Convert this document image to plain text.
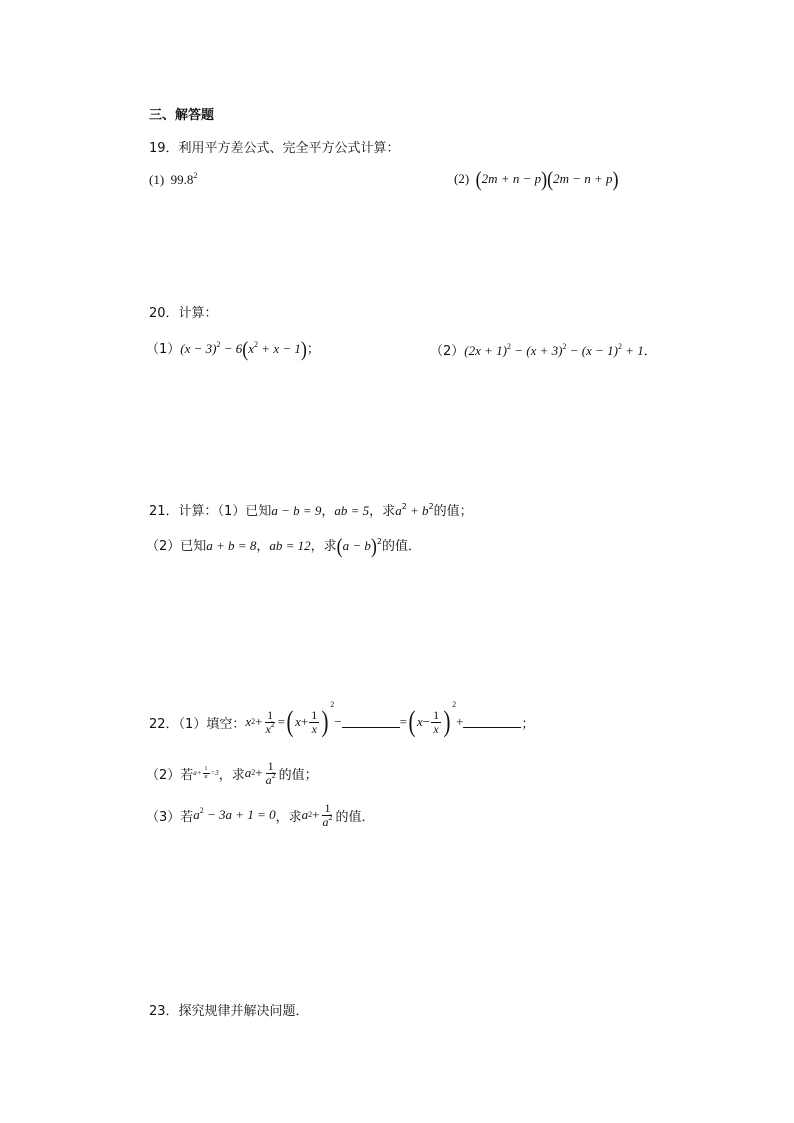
三、解答题
19．利用平方差公式、完全平方公式计算：
(1) 99.8$^2$	(2) (2m + n − p)(2m − n + p)
20．计算：
$(1)(x - 3)^2 - 6(x^2 + x - 1)$；	$(2)(2x + 1)^2 - (x + 3)^2 - (x - 1)^2 + 1$．
21．计算：（1）已知a − b = 9，ab = 5，求$a^2 + b^2$的值；
（2）已知a + b = 8，ab = 12，求$(a - b)^2$的值．
22．（1）填空： x $2 + \frac{1}{x^2}$ = ( $x + \frac{1}{x}$ )
2
−	= ( $x - \frac{1}{x}$ )
2
+	；
（2）若 $a+ \frac{1}{a} =3$ ，求 a $2 + \frac{1}{a^2}$ 的值；
（3）若 $a^2 - 3a + 1 = 0$ ，求 a $2 + \frac{1}{a^2}$ 的值．
23．探究规律并解决问题．
